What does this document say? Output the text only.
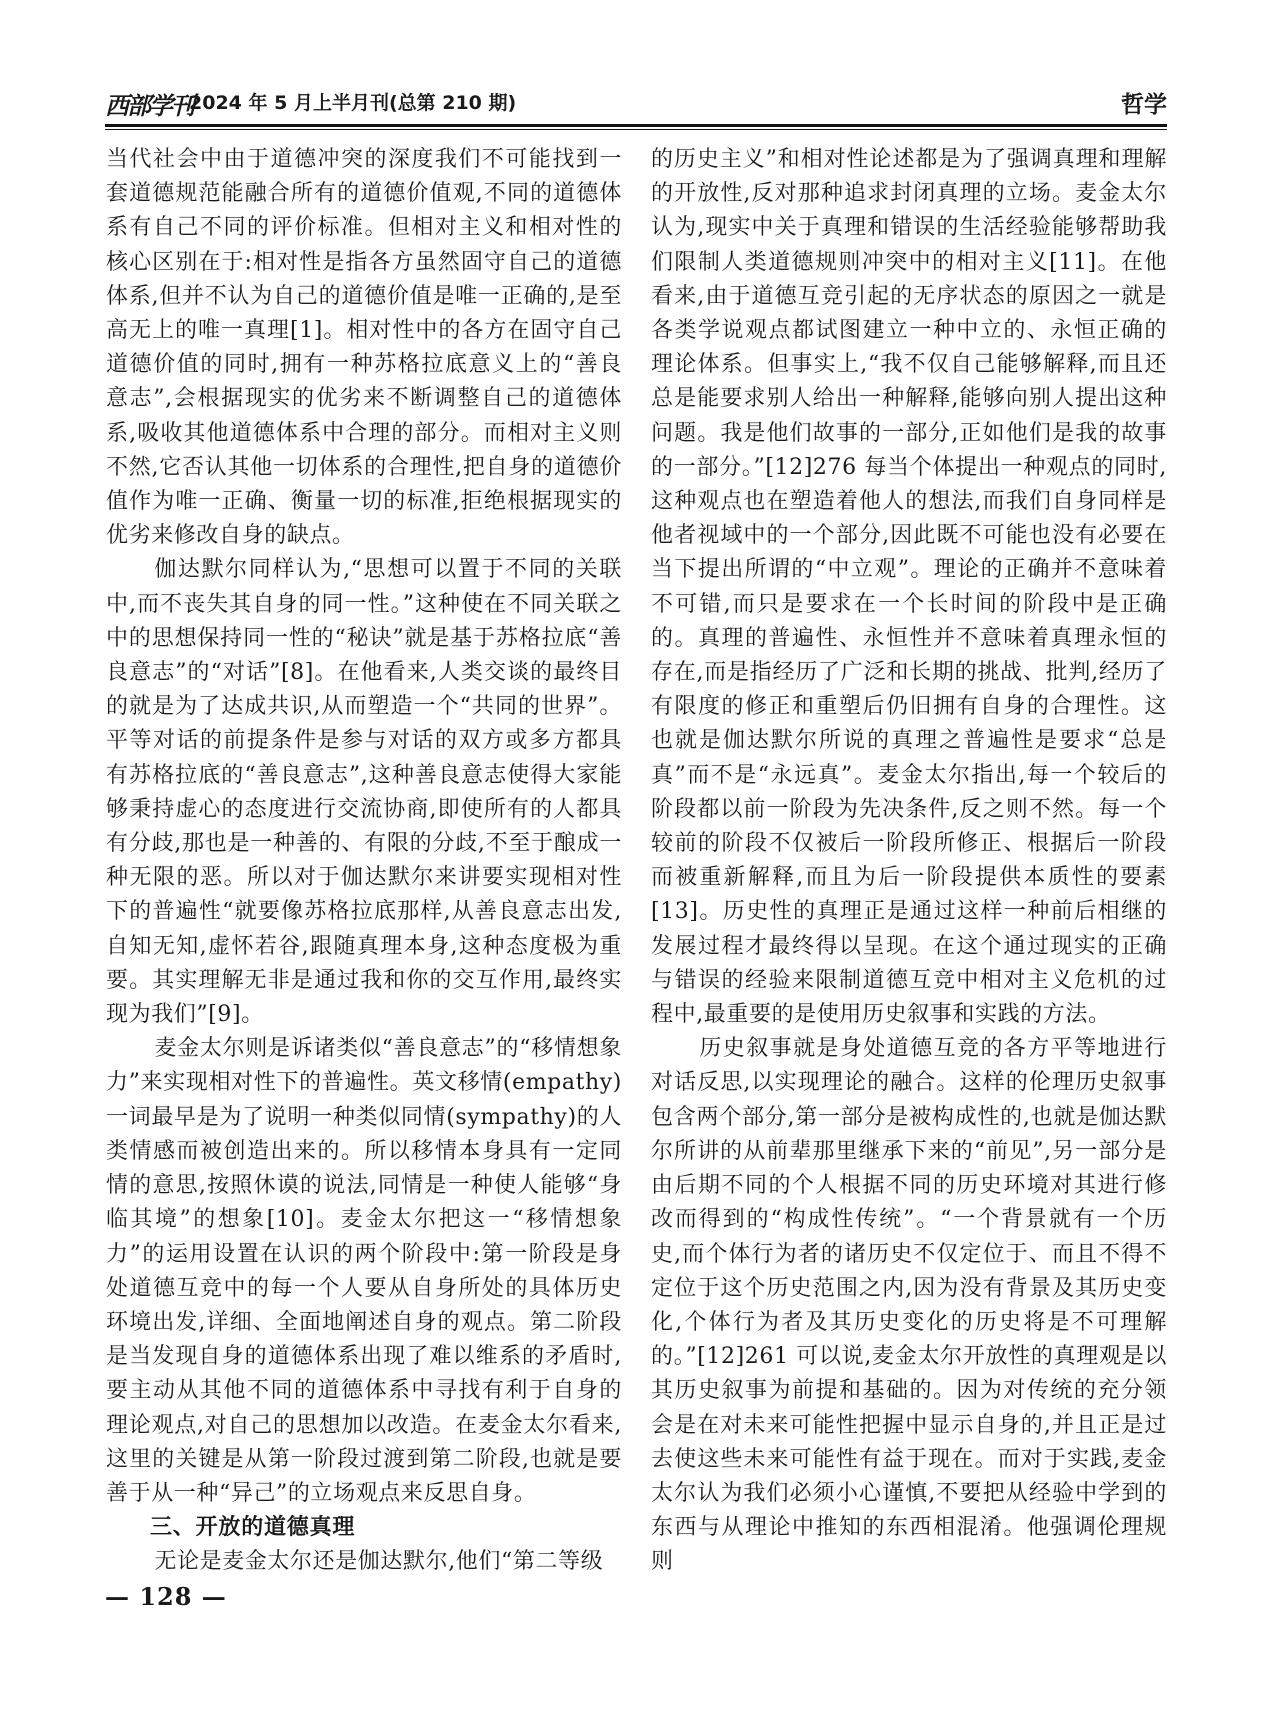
西部学刊
2024 年 5 月上半月刊(总第 210 期)	哲学

当代社会中由于道德冲突的深度我们不可能找到一套道德规范能融合所有的道德价值观,不同的道德体系有自己不同的评价标准。但相对主义和相对性的核心区别在于:相对性是指各方虽然固守自己的道德体系,但并不认为自己的道德价值是唯一正确的,是至高无上的唯一真理[1]。相对性中的各方在固守自己道德价值的同时,拥有一种苏格拉底意义上的“善良意志”,会根据现实的优劣来不断调整自己的道德体系,吸收其他道德体系中合理的部分。而相对主义则不然,它否认其他一切体系的合理性,把自身的道德价值作为唯一正确、衡量一切的标准,拒绝根据现实的优劣来修改自身的缺点。

伽达默尔同样认为,“思想可以置于不同的关联中,而不丧失其自身的同一性。”这种使在不同关联之中的思想保持同一性的“秘诀”就是基于苏格拉底“善良意志”的“对话”[8]。在他看来,人类交谈的最终目的就是为了达成共识,从而塑造一个“共同的世界”。平等对话的前提条件是参与对话的双方或多方都具有苏格拉底的“善良意志”,这种善良意志使得大家能够秉持虚心的态度进行交流协商,即使所有的人都具有分歧,那也是一种善的、有限的分歧,不至于酿成一种无限的恶。所以对于伽达默尔来讲要实现相对性下的普遍性“就要像苏格拉底那样,从善良意志出发,自知无知,虚怀若谷,跟随真理本身,这种态度极为重要。其实理解无非是通过我和你的交互作用,最终实现为我们”[9]。

麦金太尔则是诉诸类似“善良意志”的“移情想象力”来实现相对性下的普遍性。英文移情(empathy)一词最早是为了说明一种类似同情(sympathy)的人类情感而被创造出来的。所以移情本身具有一定同情的意思,按照休谟的说法,同情是一种使人能够“身临其境”的想象[10]。麦金太尔把这一“移情想象力”的运用设置在认识的两个阶段中:第一阶段是身处道德互竞中的每一个人要从自身所处的具体历史环境出发,详细、全面地阐述自身的观点。第二阶段是当发现自身的道德体系出现了难以维系的矛盾时,要主动从其他不同的道德体系中寻找有利于自身的理论观点,对自己的思想加以改造。在麦金太尔看来,这里的关键是从第一阶段过渡到第二阶段,也就是要善于从一种“异己”的立场观点来反思自身。

三、开放的道德真理

无论是麦金太尔还是伽达默尔,他们“第二等级

的历史主义”和相对性论述都是为了强调真理和理解的开放性,反对那种追求封闭真理的立场。麦金太尔认为,现实中关于真理和错误的生活经验能够帮助我们限制人类道德规则冲突中的相对主义[11]。在他看来,由于道德互竞引起的无序状态的原因之一就是各类学说观点都试图建立一种中立的、永恒正确的理论体系。但事实上,“我不仅自己能够解释,而且还总是能要求别人给出一种解释,能够向别人提出这种问题。我是他们故事的一部分,正如他们是我的故事的一部分。”[12]276 每当个体提出一种观点的同时,这种观点也在塑造着他人的想法,而我们自身同样是他者视域中的一个部分,因此既不可能也没有必要在当下提出所谓的“中立观”。理论的正确并不意味着不可错,而只是要求在一个长时间的阶段中是正确的。真理的普遍性、永恒性并不意味着真理永恒的存在,而是指经历了广泛和长期的挑战、批判,经历了有限度的修正和重塑后仍旧拥有自身的合理性。这也就是伽达默尔所说的真理之普遍性是要求“总是真”而不是“永远真”。麦金太尔指出,每一个较后的阶段都以前一阶段为先决条件,反之则不然。每一个较前的阶段不仅被后一阶段所修正、根据后一阶段而被重新解释,而且为后一阶段提供本质性的要素[13]。历史性的真理正是通过这样一种前后相继的发展过程才最终得以呈现。在这个通过现实的正确与错误的经验来限制道德互竞中相对主义危机的过程中,最重要的是使用历史叙事和实践的方法。

历史叙事就是身处道德互竞的各方平等地进行对话反思,以实现理论的融合。这样的伦理历史叙事包含两个部分,第一部分是被构成性的,也就是伽达默尔所讲的从前辈那里继承下来的“前见”,另一部分是由后期不同的个人根据不同的历史环境对其进行修改而得到的“构成性传统”。“一个背景就有一个历史,而个体行为者的诸历史不仅定位于、而且不得不定位于这个历史范围之内,因为没有背景及其历史变化,个体行为者及其历史变化的历史将是不可理解的。”[12]261 可以说,麦金太尔开放性的真理观是以其历史叙事为前提和基础的。因为对传统的充分领会是在对未来可能性把握中显示自身的,并且正是过去使这些未来可能性有益于现在。而对于实践,麦金太尔认为我们必须小心谨慎,不要把从经验中学到的东西与从理论中推知的东西相混淆。他强调伦理规则

— 128 —
